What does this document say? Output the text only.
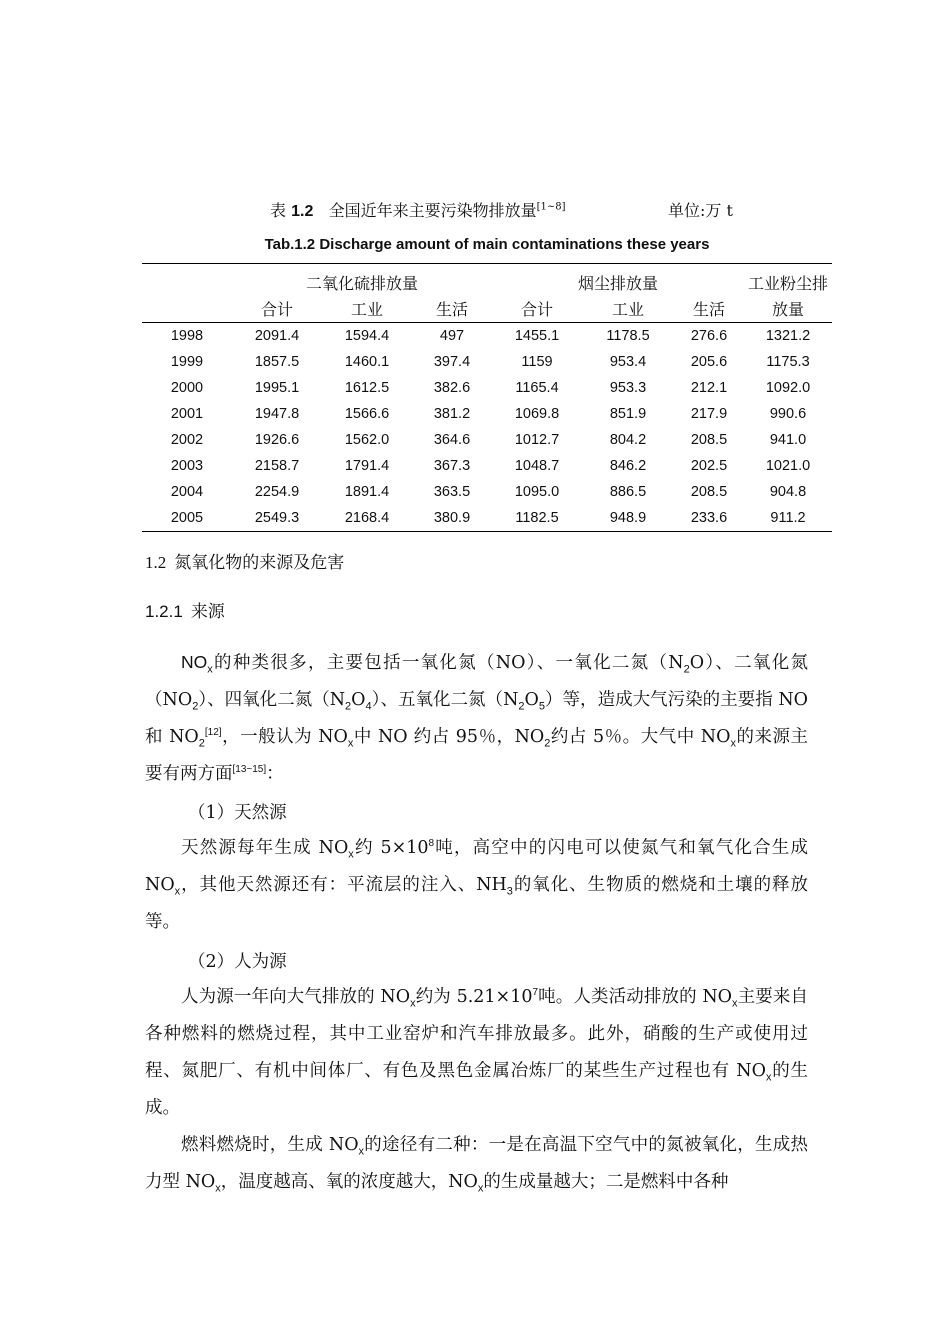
表 1.2 全国近年来主要污染物排放量[1~8]	单位:万 t
Tab.1.2 Discharge amount of main contaminations these years
	二氧化硫排放量			烟尘排放量			工业粉尘排
	合计	工业	生活	合计	工业	生活	放量
1998	2091.4	1594.4	497	1455.1	1178.5	276.6	1321.2
1999	1857.5	1460.1	397.4	1159	953.4	205.6	1175.3
2000	1995.1	1612.5	382.6	1165.4	953.3	212.1	1092.0
2001	1947.8	1566.6	381.2	1069.8	851.9	217.9	990.6
2002	1926.6	1562.0	364.6	1012.7	804.2	208.5	941.0
2003	2158.7	1791.4	367.3	1048.7	846.2	202.5	1021.0
2004	2254.9	1891.4	363.5	1095.0	886.5	208.5	904.8
2005	2549.3	2168.4	380.9	1182.5	948.9	233.6	911.2
1.2 氮氧化物的来源及危害
1.2.1 来源
$NO_x$的种类很多，主要包括一氧化氮（NO）、一氧化二氮$(N_2O)$、二氧化氮$(NO_2)$、四氧化二氮$(N_2O_4)$、五氧化二氮$(N_2O_5)$等，造成大气污染的主要指 NO 和 $NO_2[12]$，一般认为 $NO_x$中 NO 约占 95％，$NO_2$约占 5％。大气中 $NO_x$的来源主要有两方面[13~15]：
（1）天然源
天然源每年生成 $NO_x$约 $5\times 10^8$吨，高空中的闪电可以使氮气和氧气化合生成 $NO_x$，其他天然源还有：平流层的注入、$NH_3$的氧化、生物质的燃烧和土壤的释放等。
（2）人为源
人为源一年向大气排放的 $NO_x$约为 $5.21\times 10^7$吨。人类活动排放的 $NO_x$主要来自各种燃料的燃烧过程，其中工业窑炉和汽车排放最多。此外，硝酸的生产或使用过程、氮肥厂、有机中间体厂、有色及黑色金属冶炼厂的某些生产过程也有 $NO_x$的生成。
燃料燃烧时，生成 $NO_x$的途径有二种：一是在高温下空气中的氮被氧化，生成热力型 $NO_x$，温度越高、氧的浓度越大，$NO_x$的生成量越大；二是燃料中各种
